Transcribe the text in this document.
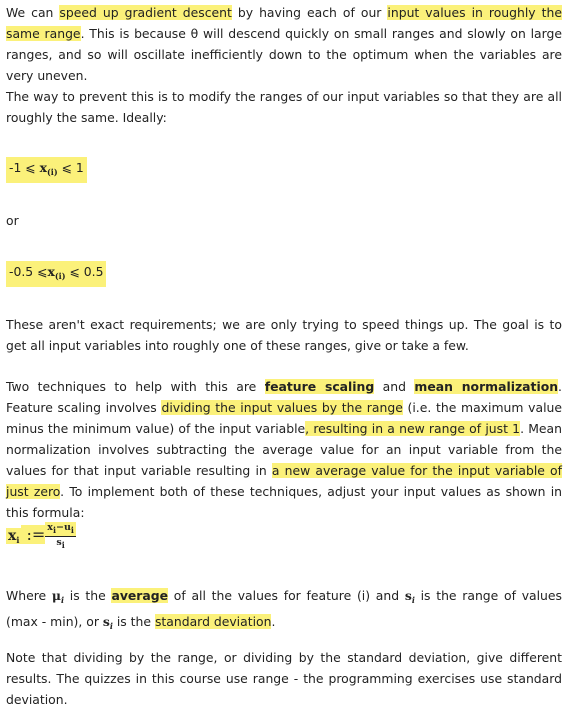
We can speed up gradient descent by having each of our input values in roughly the same range. This is because θ will descend quickly on small ranges and slowly on large ranges, and so will oscillate inefficiently down to the optimum when the variables are very uneven.

The way to prevent this is to modify the ranges of our input variables so that they are all roughly the same. Ideally:

-1 ⩽ $x_{(i)}$ ⩽ 1

or

-0.5 $⩽x_{(i)}$ ⩽ 0.5

These aren't exact requirements; we are only trying to speed things up. The goal is to get all input variables into roughly one of these ranges, give or take a few.

Two techniques to help with this are feature scaling and mean normalization. Feature scaling involves dividing the input values by the range (i.e. the maximum value minus the minimum value) of the input variable, resulting in a new range of just 1. Mean normalization involves subtracting the average value for an input variable from the values for that input variable resulting in a new average value for the input variable of just zero. To implement both of these techniques, adjust your input values as shown in this formula:

$x_i$ := $\frac{x_i-u_i}{s_i}$

Where $\mu_i$ is the average of all the values for feature (i) and $s_i$ is the range of values (max - min), or $s_i$ is the standard deviation.

Note that dividing by the range, or dividing by the standard deviation, give different results. The quizzes in this course use range - the programming exercises use standard deviation.
